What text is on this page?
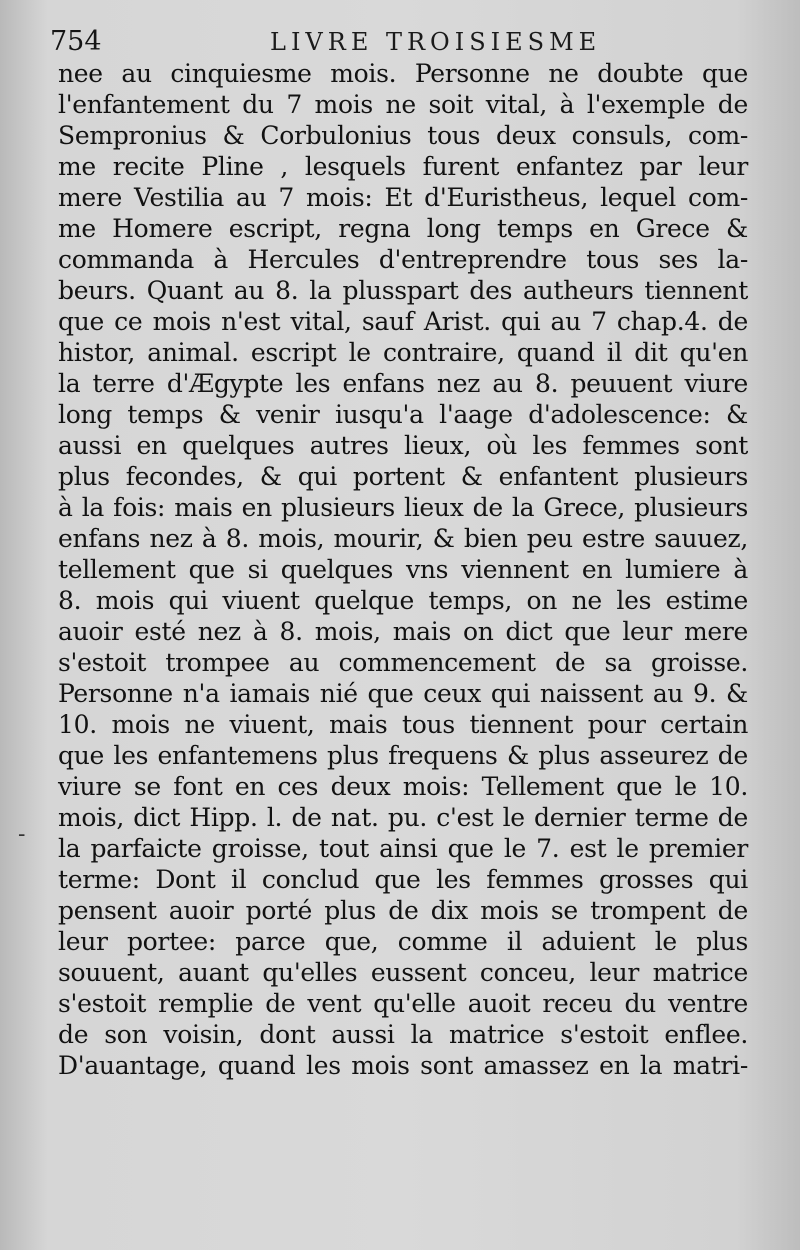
754	LIVRE TROISIESME
-
nee au cinquiesme mois. Personne ne doubte que
l'enfantement du 7 mois ne soit vital, à l'exemple de
Sempronius & Corbulonius tous deux consuls, com-
me recite Pline , lesquels furent enfantez par leur
mere Vestilia au 7 mois: Et d'Euristheus, lequel com-
me Homere escript, regna long temps en Grece &
commanda à Hercules d'entreprendre tous ses la-
beurs. Quant au 8. la plusspart des autheurs tiennent
que ce mois n'est vital, sauf Arist. qui au 7 chap.4. de
histor, animal. escript le contraire, quand il dit qu'en
la terre d'Ægypte les enfans nez au 8. peuuent viure
long temps & venir iusqu'a l'aage d'adolescence: &
aussi en quelques autres lieux, où les femmes sont
plus fecondes, & qui portent & enfantent plusieurs
à la fois: mais en plusieurs lieux de la Grece, plusieurs
enfans nez à 8. mois, mourir, & bien peu estre sauuez,
tellement que si quelques vns viennent en lumiere à
8. mois qui viuent quelque temps, on ne les estime
auoir esté nez à 8. mois, mais on dict que leur mere
s'estoit trompee au commencement de sa groisse.
Personne n'a iamais nié que ceux qui naissent au 9. &
10. mois ne viuent, mais tous tiennent pour certain
que les enfantemens plus frequens & plus asseurez de
viure se font en ces deux mois: Tellement que le 10.
mois, dict Hipp. l. de nat. pu. c'est le dernier terme de
la parfaicte groisse, tout ainsi que le 7. est le premier
terme: Dont il conclud que les femmes grosses qui
pensent auoir porté plus de dix mois se trompent de
leur portee: parce que, comme il aduient le plus
souuent, auant qu'elles eussent conceu, leur matrice
s'estoit remplie de vent qu'elle auoit receu du ventre
de son voisin, dont aussi la matrice s'estoit enflee.
D'auantage, quand les mois sont amassez en la matri-
